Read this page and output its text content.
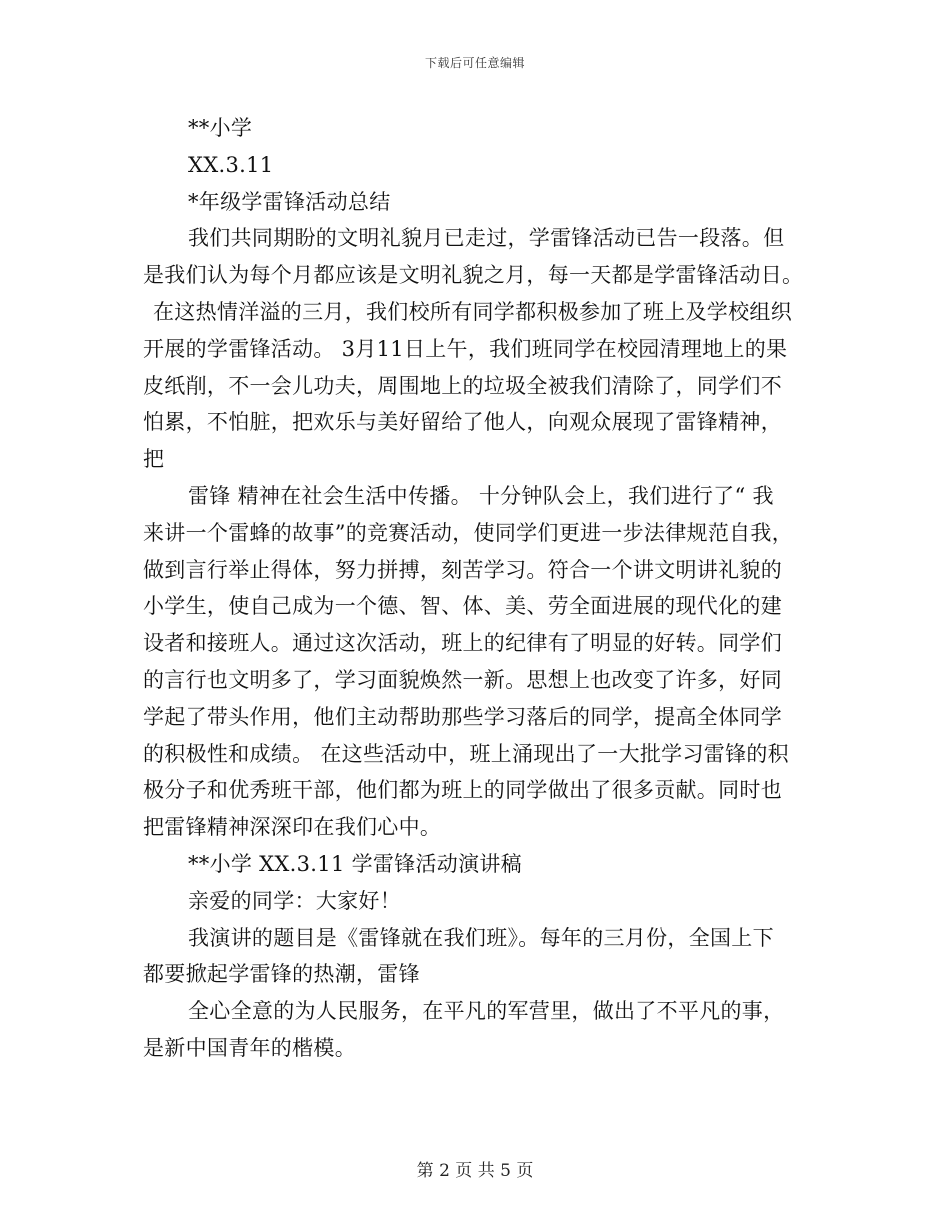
下载后可任意编辑
**小学
XX.3.11
*年级学雷锋活动总结
我们共同期盼的文明礼貌月已走过，学雷锋活动已告一段落。但
是我们认为每个月都应该是文明礼貌之月，每一天都是学雷锋活动日。
在这热情洋溢的三月，我们校所有同学都积极参加了班上及学校组织
开展的学雷锋活动。 3月11日上午，我们班同学在校园清理地上的果
皮纸削，不一会儿功夫，周围地上的垃圾全被我们清除了，同学们不
怕累，不怕脏，把欢乐与美好留给了他人，向观众展现了雷锋精神，
把
雷锋 精神在社会生活中传播。 十分钟队会上，我们进行了“ 我
来讲一个雷蜂的故事”的竞赛活动，使同学们更进一步法律规范自我，
做到言行举止得体，努力拼搏，刻苦学习。符合一个讲文明讲礼貌的
小学生，使自己成为一个德、智、体、美、劳全面进展的现代化的建
设者和接班人。通过这次活动，班上的纪律有了明显的好转。同学们
的言行也文明多了，学习面貌焕然一新。思想上也改变了许多，好同
学起了带头作用，他们主动帮助那些学习落后的同学，提高全体同学
的积极性和成绩。 在这些活动中，班上涌现出了一大批学习雷锋的积
极分子和优秀班干部，他们都为班上的同学做出了很多贡献。同时也
把雷锋精神深深印在我们心中。
**小学 XX.3.11 学雷锋活动演讲稿
亲爱的同学：大家好！
我演讲的题目是《雷锋就在我们班》。每年的三月份，全国上下
都要掀起学雷锋的热潮，雷锋
全心全意的为人民服务，在平凡的军营里，做出了不平凡的事，
是新中国青年的楷模。
第 2 页 共 5 页
